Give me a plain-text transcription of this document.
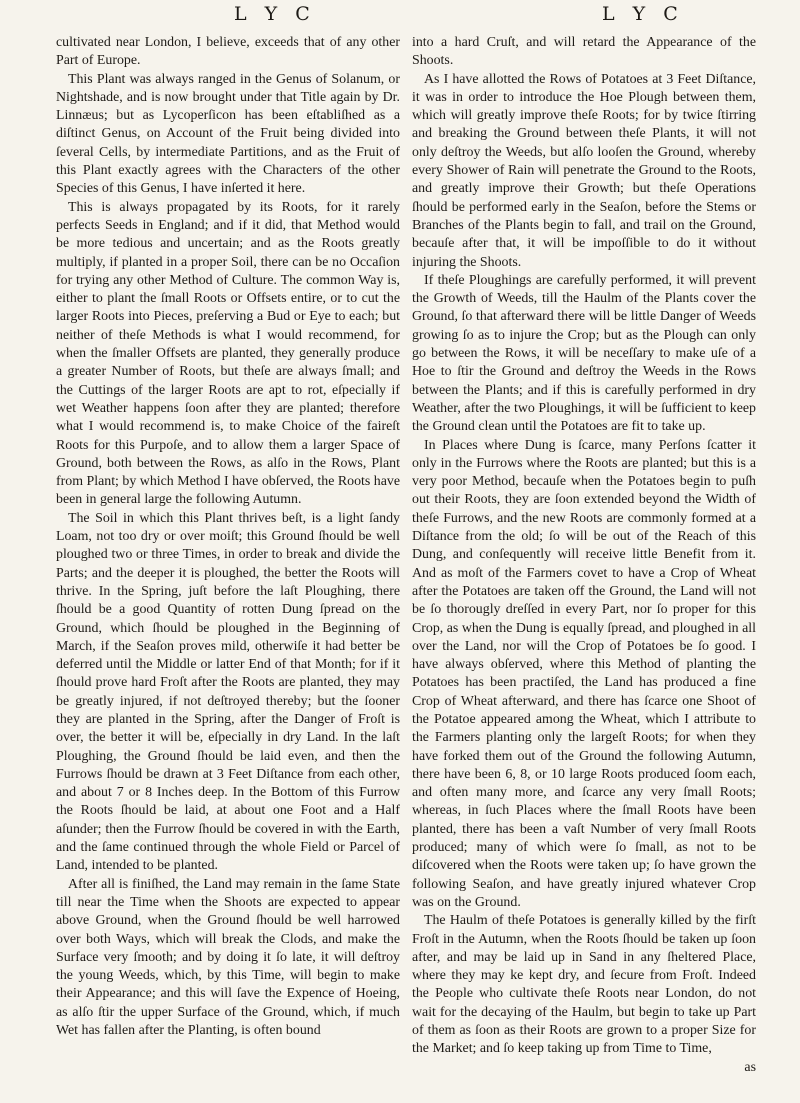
L Y C	L Y C

cultivated near London, I believe, exceeds that of any other Part of Europe.

This Plant was always ranged in the Genus of Solanum, or Nightshade, and is now brought under that Title again by Dr. Linnæus; but as Lycoperſicon has been eſtabliſhed as a diſtinct Genus, on Account of the Fruit being divided into ſeveral Cells, by intermediate Partitions, and as the Fruit of this Plant exactly agrees with the Characters of the other Species of this Genus, I have inſerted it here.

This is always propagated by its Roots, for it rarely perfects Seeds in England; and if it did, that Method would be more tedious and uncertain; and as the Roots greatly multiply, if planted in a proper Soil, there can be no Occaſion for trying any other Method of Culture. The common Way is, either to plant the ſmall Roots or Offsets entire, or to cut the larger Roots into Pieces, preſerving a Bud or Eye to each; but neither of theſe Methods is what I would recommend, for when the ſmaller Offsets are planted, they generally produce a greater Number of Roots, but theſe are always ſmall; and the Cuttings of the larger Roots are apt to rot, eſpecially if wet Weather happens ſoon after they are planted; therefore what I would recommend is, to make Choice of the faireſt Roots for this Purpoſe, and to allow them a larger Space of Ground, both between the Rows, as alſo in the Rows, Plant from Plant; by which Method I have obſerved, the Roots have been in general large the following Autumn.

The Soil in which this Plant thrives beſt, is a light ſandy Loam, not too dry or over moiſt; this Ground ſhould be well ploughed two or three Times, in order to break and divide the Parts; and the deeper it is ploughed, the better the Roots will thrive. In the Spring, juſt before the laſt Ploughing, there ſhould be a good Quantity of rotten Dung ſpread on the Ground, which ſhould be ploughed in the Beginning of March, if the Seaſon proves mild, otherwiſe it had better be deferred until the Middle or latter End of that Month; for if it ſhould prove hard Froſt after the Roots are planted, they may be greatly injured, if not deſtroyed thereby; but the ſooner they are planted in the Spring, after the Danger of Froſt is over, the better it will be, eſpecially in dry Land. In the laſt Ploughing, the Ground ſhould be laid even, and then the Furrows ſhould be drawn at 3 Feet Diſtance from each other, and about 7 or 8 Inches deep. In the Bottom of this Furrow the Roots ſhould be laid, at about one Foot and a Half aſunder; then the Furrow ſhould be covered in with the Earth, and the ſame continued through the whole Field or Parcel of Land, intended to be planted.

After all is finiſhed, the Land may remain in the ſame State till near the Time when the Shoots are expected to appear above Ground, when the Ground ſhould be well harrowed over both Ways, which will break the Clods, and make the Surface very ſmooth; and by doing it ſo late, it will deſtroy the young Weeds, which, by this Time, will begin to make their Appearance; and this will ſave the Expence of Hoeing, as alſo ſtir the upper Surface of the Ground, which, if much Wet has fallen after the Planting, is often bound

into a hard Cruſt, and will retard the Appearance of the Shoots.

As I have allotted the Rows of Potatoes at 3 Feet Diſtance, it was in order to introduce the Hoe Plough between them, which will greatly improve theſe Roots; for by twice ſtirring and breaking the Ground between theſe Plants, it will not only deſtroy the Weeds, but alſo looſen the Ground, whereby every Shower of Rain will penetrate the Ground to the Roots, and greatly improve their Growth; but theſe Operations ſhould be performed early in the Seaſon, before the Stems or Branches of the Plants begin to fall, and trail on the Ground, becauſe after that, it will be impoſſible to do it without injuring the Shoots.

If theſe Ploughings are carefully performed, it will prevent the Growth of Weeds, till the Haulm of the Plants cover the Ground, ſo that afterward there will be little Danger of Weeds growing ſo as to injure the Crop; but as the Plough can only go between the Rows, it will be neceſſary to make uſe of a Hoe to ſtir the Ground and deſtroy the Weeds in the Rows between the Plants; and if this is carefully performed in dry Weather, after the two Ploughings, it will be ſufficient to keep the Ground clean until the Potatoes are fit to take up.

In Places where Dung is ſcarce, many Perſons ſcatter it only in the Furrows where the Roots are planted; but this is a very poor Method, becauſe when the Potatoes begin to puſh out their Roots, they are ſoon extended beyond the Width of theſe Furrows, and the new Roots are commonly formed at a Diſtance from the old; ſo will be out of the Reach of this Dung, and conſequently will receive little Benefit from it. And as moſt of the Farmers covet to have a Crop of Wheat after the Potatoes are taken off the Ground, the Land will not be ſo thorougly dreſſed in every Part, nor ſo proper for this Crop, as when the Dung is equally ſpread, and ploughed in all over the Land, nor will the Crop of Potatoes be ſo good. I have always obſerved, where this Method of planting the Potatoes has been practiſed, the Land has produced a fine Crop of Wheat afterward, and there has ſcarce one Shoot of the Potatoe appeared among the Wheat, which I attribute to the Farmers planting only the largeſt Roots; for when they have forked them out of the Ground the following Autumn, there have been 6, 8, or 10 large Roots produced ſoom each, and often many more, and ſcarce any very ſmall Roots; whereas, in ſuch Places where the ſmall Roots have been planted, there has been a vaſt Number of very ſmall Roots produced; many of which were ſo ſmall, as not to be diſcovered when the Roots were taken up; ſo have grown the following Seaſon, and have greatly injured whatever Crop was on the Ground.

The Haulm of theſe Potatoes is generally killed by the firſt Froſt in the Autumn, when the Roots ſhould be taken up ſoon after, and may be laid up in Sand in any ſheltered Place, where they may ke kept dry, and ſecure from Froſt. Indeed the People who cultivate theſe Roots near London, do not wait for the decaying of the Haulm, but begin to take up Part of them as ſoon as their Roots are grown to a proper Size for the Market; and ſo keep taking up from Time to Time,

as
